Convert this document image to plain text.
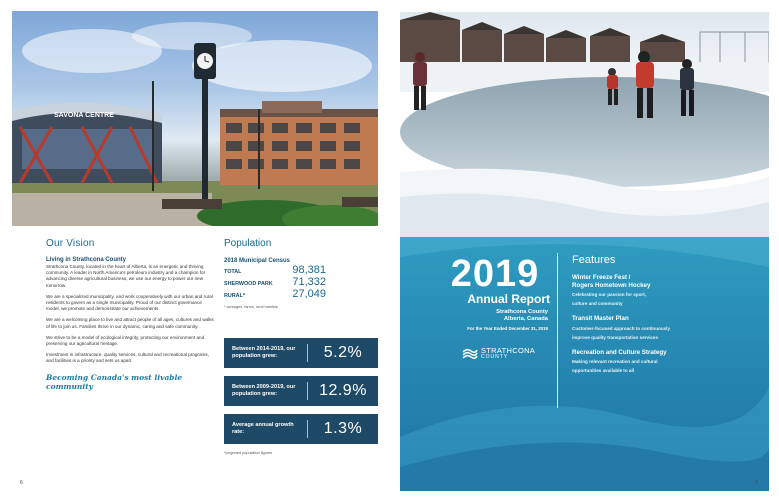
SAVONA CENTRE
Our Vision
Living in Strathcona County

Strathcona County, located in the heart of Alberta, is an energetic and thriving community. A leader in North America's petroleum industry and a champion for advancing diverse agricultural business, we use our energy to power our new tomorrow.

We are a specialized municipality, and work cooperatively with our urban and rural residents to govern as a single municipality. Proud of our distinct governance model, we promote and demonstrate our achievements.

We are a welcoming place to live and attract people of all ages, cultures and walks of life to join us. Families thrive in our dynamic, caring and safe community.

We strive to be a model of ecological integrity, protecting our environment and preserving our agricultural heritage.

Investment in infrastructure, quality services, cultural and recreational programs, and facilities is a priority and sets us apart.

Becoming Canada's most livable community
Population
2018 Municipal Census
TOTAL	98,381
SHERWOOD PARK 71,332
RURAL*	27,049
* acreages, farms, rural hamlets
Between 2014-2019, our population grew:	5.2%
Between 2009-2019, our population grew:	12.9%
Average annual growth rate:	1.3%
*projected population figures
6
2019
Annual Report
Strathcona County
Alberta, Canada
For the Year Ended December 31, 2019
STRATHCONA
COUNTY
Features
Winter Freeze Fest /
Rogers Hometown Hockey
Celebrating our passion for sport,
culture and community
Transit Master Plan
Customer-focused approach to continuously
improve quality transportation services
Recreation and Culture Strategy
Making relevant recreation and cultural
opportunities available to all
7
